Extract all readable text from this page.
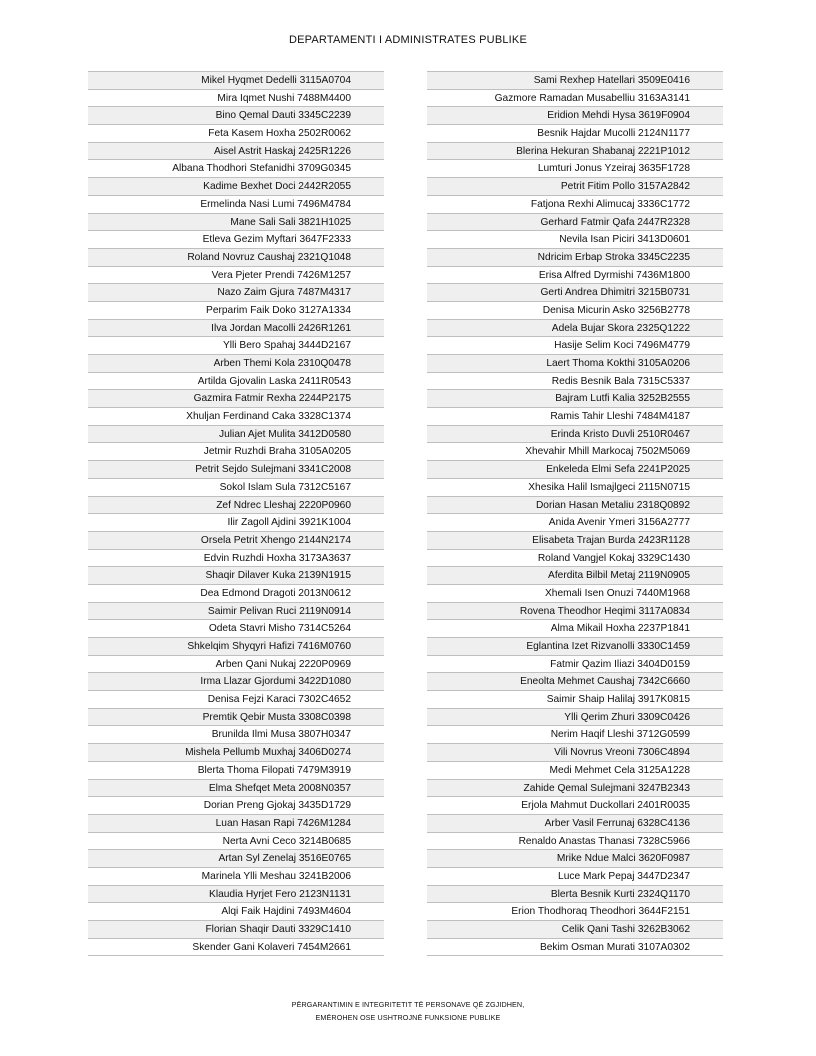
DEPARTAMENTI I ADMINISTRATES PUBLIKE
Mikel Hyqmet Dedelli 3115A0704
Mira Iqmet Nushi 7488M4400
Bino Qemal Dauti 3345C2239
Feta Kasem Hoxha 2502R0062
Aisel Astrit Haskaj 2425R1226
Albana Thodhori Stefanidhi 3709G0345
Kadime Bexhet Doci 2442R2055
Ermelinda Nasi Lumi 7496M4784
Mane Sali Sali 3821H1025
Etleva Gezim Myftari 3647F2333
Roland Novruz Caushaj 2321Q1048
Vera Pjeter Prendi 7426M1257
Nazo Zaim Gjura 7487M4317
Perparim Faik Doko 3127A1334
Ilva Jordan Macolli 2426R1261
Ylli Bero Spahaj 3444D2167
Arben Themi Kola 2310Q0478
Artilda Gjovalin Laska 2411R0543
Gazmira Fatmir Rexha 2244P2175
Xhuljan Ferdinand Caka 3328C1374
Julian Ajet Mulita 3412D0580
Jetmir Ruzhdi Braha 3105A0205
Petrit Sejdo Sulejmani 3341C2008
Sokol Islam Sula 7312C5167
Zef Ndrec Lleshaj 2220P0960
Ilir Zagoll Ajdini 3921K1004
Orsela Petrit Xhengo 2144N2174
Edvin Ruzhdi Hoxha 3173A3637
Shaqir Dilaver Kuka 2139N1915
Dea Edmond Dragoti 2013N0612
Saimir Pelivan Ruci 2119N0914
Odeta Stavri Misho 7314C5264
Shkelqim Shyqyri Hafizi 7416M0760
Arben Qani Nukaj 2220P0969
Irma Llazar Gjordumi 3422D1080
Denisa Fejzi Karaci 7302C4652
Premtik Qebir Musta 3308C0398
Brunilda Ilmi Musa 3807H0347
Mishela Pellumb Muxhaj 3406D0274
Blerta Thoma Filopati 7479M3919
Elma Shefqet Meta 2008N0357
Dorian Preng Gjokaj 3435D1729
Luan Hasan Rapi 7426M1284
Nerta Avni Ceco 3214B0685
Artan Syl Zenelaj 3516E0765
Marinela Ylli Meshau 3241B2006
Klaudia Hyrjet Fero 2123N1131
Alqi Faik Hajdini 7493M4604
Florian Shaqir Dauti 3329C1410
Skender Gani Kolaveri 7454M2661
Sami Rexhep Hatellari 3509E0416
Gazmore Ramadan Musabelliu 3163A3141
Eridion Mehdi Hysa 3619F0904
Besnik Hajdar Mucolli 2124N1177
Blerina Hekuran Shabanaj 2221P1012
Lumturi Jonus Yzeiraj 3635F1728
Petrit Fitim Pollo 3157A2842
Fatjona Rexhi Alimucaj 3336C1772
Gerhard Fatmir Qafa 2447R2328
Nevila Isan Piciri 3413D0601
Ndricim Erbap Stroka 3345C2235
Erisa Alfred Dyrmishi 7436M1800
Gerti Andrea Dhimitri 3215B0731
Denisa Micurin Asko 3256B2778
Adela Bujar Skora 2325Q1222
Hasije Selim Koci 7496M4779
Laert Thoma Kokthi 3105A0206
Redis Besnik Bala 7315C5337
Bajram Lutfi Kalia 3252B2555
Ramis Tahir Lleshi 7484M4187
Erinda Kristo Duvli 2510R0467
Xhevahir Mhill Markocaj 7502M5069
Enkeleda Elmi Sefa 2241P2025
Xhesika Halil Ismajlgeci 2115N0715
Dorian Hasan Metaliu 2318Q0892
Anida Avenir Ymeri 3156A2777
Elisabeta Trajan Burda 2423R1128
Roland Vangjel Kokaj 3329C1430
Aferdita Bilbil Metaj 2119N0905
Xhemali Isen Onuzi 7440M1968
Rovena Theodhor Heqimi 3117A0834
Alma Mikail Hoxha 2237P1841
Eglantina Izet Rizvanolli 3330C1459
Fatmir Qazim Iliazi 3404D0159
Eneolta Mehmet Caushaj 7342C6660
Saimir Shaip Halilaj 3917K0815
Ylli Qerim Zhuri 3309C0426
Nerim Haqif Lleshi 3712G0599
Vili Novrus Vreoni 7306C4894
Medi Mehmet Cela 3125A1228
Zahide Qemal Sulejmani 3247B2343
Erjola Mahmut Duckollari 2401R0035
Arber Vasil Ferrunaj 6328C4136
Renaldo Anastas Thanasi 7328C5966
Mrike Ndue Malci 3620F0987
Luce Mark Pepaj 3447D2347
Blerta Besnik Kurti 2324Q1170
Erion Thodhoraq Theodhori 3644F2151
Celik Qani Tashi 3262B3062
Bekim Osman Murati 3107A0302
PËRGARANTIMIN E INTEGRITETIT TË PERSONAVE QË ZGJIDHEN,
EMËROHEN OSE USHTROJNË FUNKSIONE PUBLIKE
